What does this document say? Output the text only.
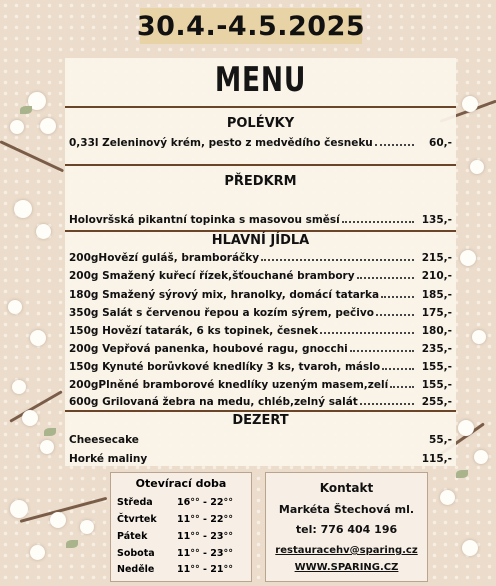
30.4.-4.5.2025
MENU
POLÉVKY
0,33l Zeleninový krém, pesto z medvědího česneku	60,-
PŘEDKRM
Holovršská pikantní topinka s masovou směsí	135,-
HLAVNÍ JÍDLA
200gHovězí guláš, bramboráčky	215,-
200g Smažený kuřecí řízek,šťouchané brambory	210,-
180g Smažený sýrový mix, hranolky, domácí tatarka	185,-
350g Salát s červenou řepou a kozím sýrem, pečivo	175,-
150g Hovězí tatarák, 6 ks topinek, česnek	180,-
200g Vepřová panenka, houbové ragu, gnocchi	235,-
150g Kynuté borůvkové knedlíky 3 ks, tvaroh, máslo	155,-
200gPlněné bramborové knedlíky uzeným masem,zelí	155,-
600g Grilovaná žebra na medu, chléb,zelný salát	255,-
DEZERT
Cheesecake	55,-
Horké maliny	115,-
Otevírací doba
Středa	16°° - 22°°
Čtvrtek 11°° - 22°°
Pátek	11°° - 23°°
Sobota 11°° - 23°°
Neděle 11°° - 21°°
Kontakt
Markéta Štechová ml.
tel: 776 404 196
restauracehv@sparing.cz
WWW.SPARING.CZ
